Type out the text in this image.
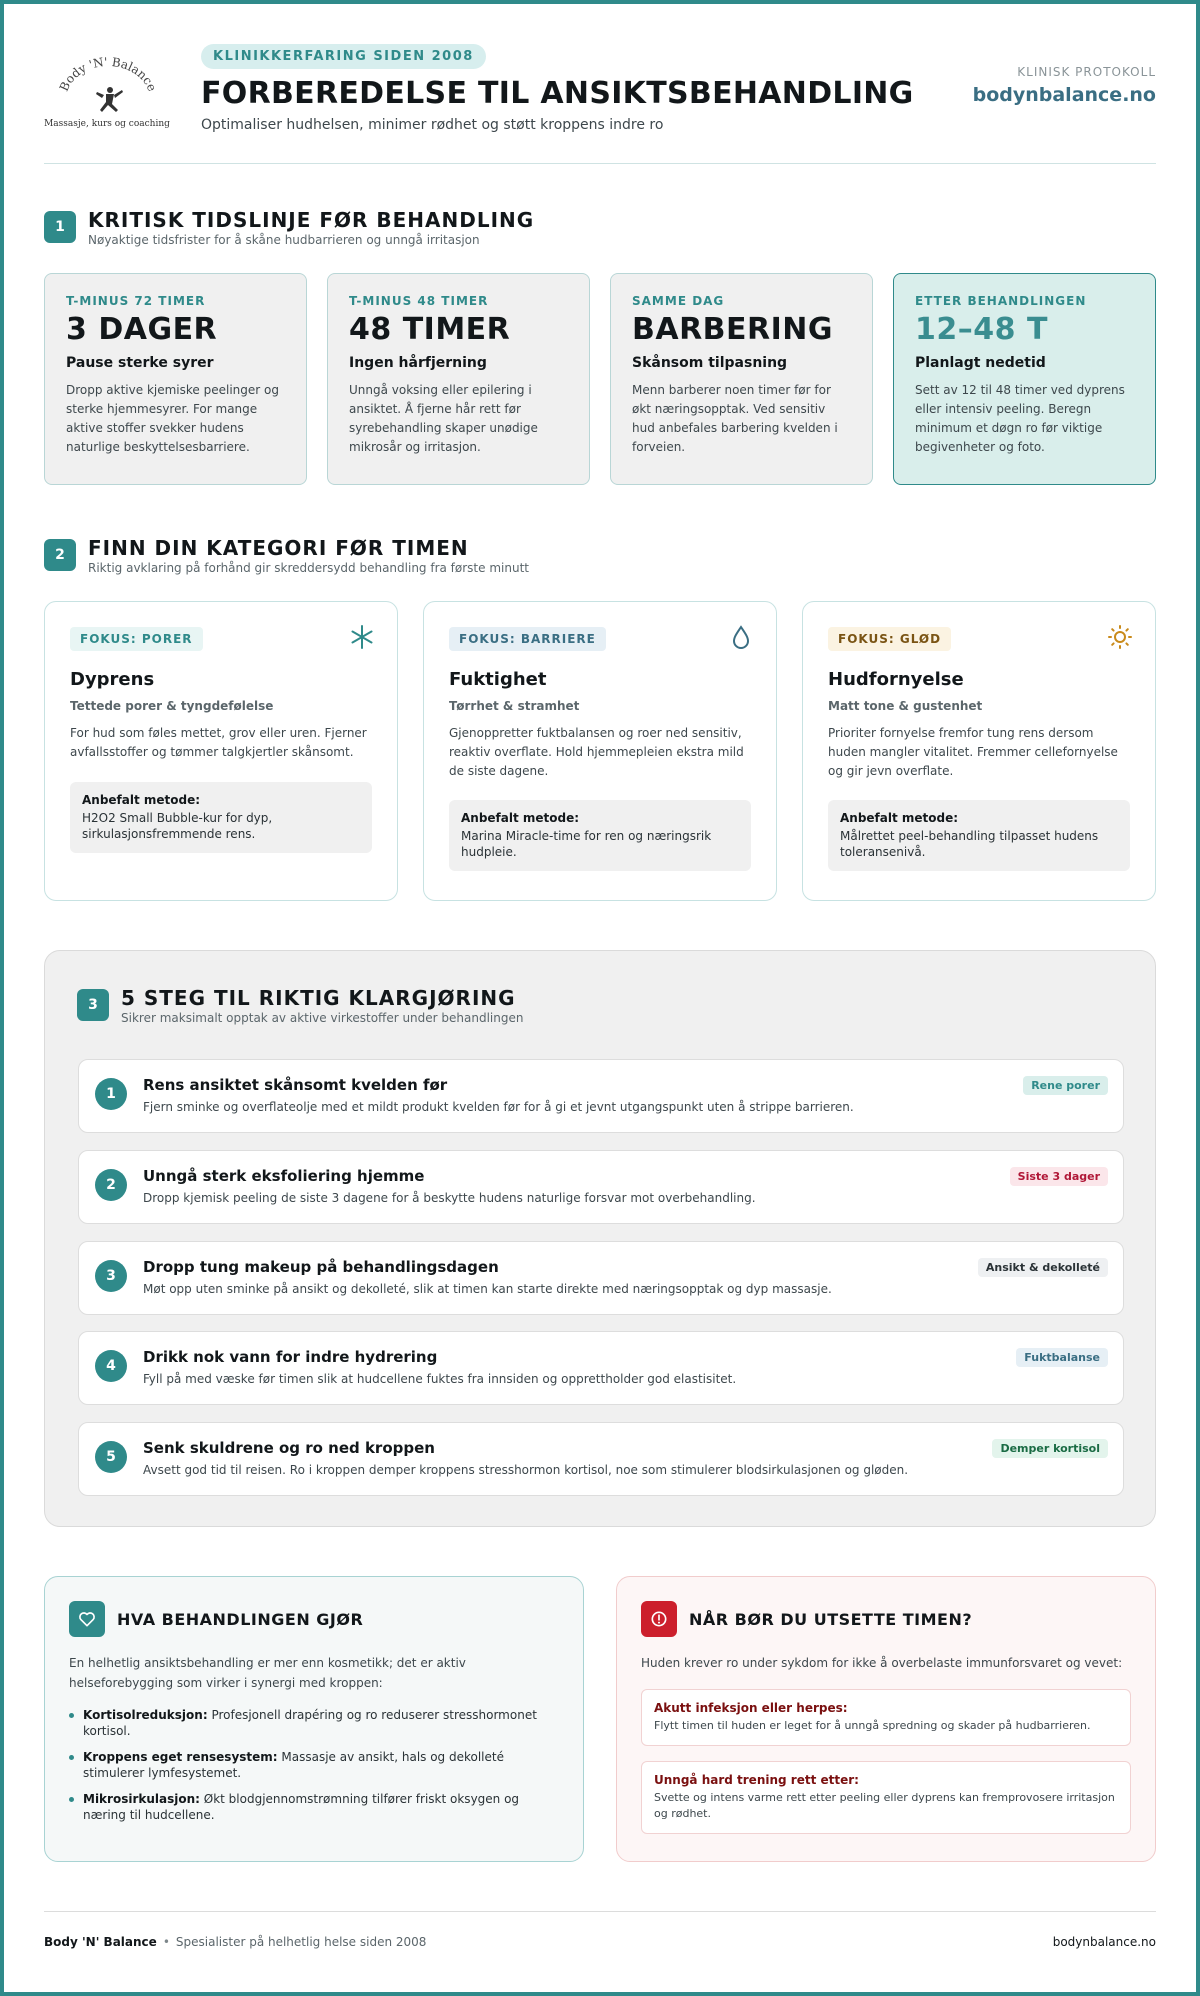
Body 'N' Balance
Massasje, kurs og coaching
KLINIKKERFARING SIDEN 2008
FORBEREDELSE TIL ANSIKTSBEHANDLING
Optimaliser hudhelsen, minimer rødhet og støtt kroppens indre ro
KLINISK PROTOKOLL
bodynbalance.no
1	KRITISK TIDSLINJE FØR BEHANDLING
Nøyaktige tidsfrister for å skåne hudbarrieren og unngå irritasjon
T-MINUS 72 TIMER
3 DAGER
Pause sterke syrer
Dropp aktive kjemiske peelinger og sterke hjemmesyrer. For mange aktive stoffer svekker hudens naturlige beskyttelsesbarriere.
T-MINUS 48 TIMER
48 TIMER
Ingen hårfjerning
Unngå voksing eller epilering i ansiktet. Å fjerne hår rett før syrebehandling skaper unødige mikrosår og irritasjon.
SAMME DAG
BARBERING
Skånsom tilpasning
Menn barberer noen timer før for økt næringsopptak. Ved sensitiv hud anbefales barbering kvelden i forveien.
ETTER BEHANDLINGEN
12–48 T
Planlagt nedetid
Sett av 12 til 48 timer ved dyprens eller intensiv peeling. Beregn minimum et døgn ro før viktige begivenheter og foto.
2	FINN DIN KATEGORI FØR TIMEN
Riktig avklaring på forhånd gir skreddersydd behandling fra første minutt
FOKUS: PORER
Dyprens
Tettede porer & tyngdefølelse
For hud som føles mettet, grov eller uren. Fjerner avfallsstoffer og tømmer talgkjertler skånsomt.
Anbefalt metode:
H2O2 Small Bubble-kur for dyp, sirkulasjonsfremmende rens.
FOKUS: BARRIERE
Fuktighet
Tørrhet & stramhet
Gjenoppretter fuktbalansen og roer ned sensitiv, reaktiv overflate. Hold hjemmepleien ekstra mild de siste dagene.
Anbefalt metode:
Marina Miracle-time for ren og næringsrik hudpleie.
FOKUS: GLØD
Hudfornyelse
Matt tone & gustenhet
Prioriter fornyelse fremfor tung rens dersom huden mangler vitalitet. Fremmer cellefornyelse og gir jevn overflate.
Anbefalt metode:
Målrettet peel-behandling tilpasset hudens toleransenivå.
3	5 STEG TIL RIKTIG KLARGJØRING
Sikrer maksimalt opptak av aktive virkestoffer under behandlingen
1	Rens ansiktet skånsomt kvelden før
Fjern sminke og overflateolje med et mildt produkt kvelden før for å gi et jevnt utgangspunkt uten å strippe barrieren.
Rene porer
2	Unngå sterk eksfoliering hjemme
Dropp kjemisk peeling de siste 3 dagene for å beskytte hudens naturlige forsvar mot overbehandling.
Siste 3 dager
3	Dropp tung makeup på behandlingsdagen
Møt opp uten sminke på ansikt og dekolleté, slik at timen kan starte direkte med næringsopptak og dyp massasje.
Ansikt & dekolleté
4	Drikk nok vann for indre hydrering
Fyll på med væske før timen slik at hudcellene fuktes fra innsiden og opprettholder god elastisitet.
Fuktbalanse
5	Senk skuldrene og ro ned kroppen
Avsett god tid til reisen. Ro i kroppen demper kroppens stresshormon kortisol, noe som stimulerer blodsirkulasjonen og gløden.
Demper kortisol
HVA BEHANDLINGEN GJØR
En helhetlig ansiktsbehandling er mer enn kosmetikk; det er aktiv helseforebygging som virker i synergi med kroppen:
Kortisolreduksjon: Profesjonell drapéring og ro reduserer stresshormonet kortisol.
Kroppens eget rensesystem: Massasje av ansikt, hals og dekolleté stimulerer lymfesystemet.
Mikrosirkulasjon: Økt blodgjennomstrømning tilfører friskt oksygen og næring til hudcellene.
NÅR BØR DU UTSETTE TIMEN?
Huden krever ro under sykdom for ikke å overbelaste immunforsvaret og vevet:
Akutt infeksjon eller herpes:
Flytt timen til huden er leget for å unngå spredning og skader på hudbarrieren.
Unngå hard trening rett etter:
Svette og intens varme rett etter peeling eller dyprens kan fremprovosere irritasjon og rødhet.
Body 'N' Balance • Spesialister på helhetlig helse siden 2008	bodynbalance.no
